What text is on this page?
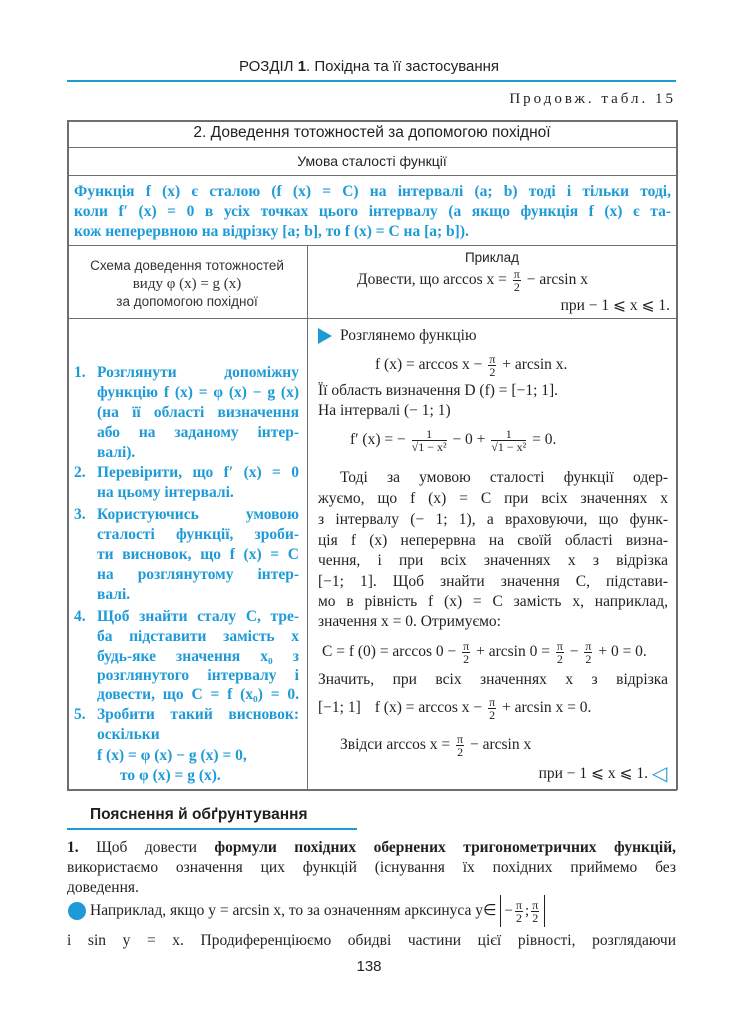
РОЗДІЛ 1. Похідна та її застосування
Продовж. табл. 15
2. Доведення тотожностей за допомогою похідної
Умова сталості функції
Функція f (x) є сталою (f (x) = C) на інтервалі (a; b) тоді і тільки тоді,
коли f′ (x) = 0 в усіх точках цього інтервалу (а якщо функція f (x) є та-
кож неперервною на відрізку [a; b], то f (x) = C на [a; b]).
Схема доведення тотожностей
виду φ (x) = g (x)
за допомогою похідної
Приклад
Довести, що $\arccos x = \frac{\pi}{2} - \arcsin x$
при − 1 ⩽ x ⩽ 1.
1. Розглянути допоміжну
функцію f (x) = φ (x) − g (x)
(на її області визначення
або на заданому інтер-
валі).
2. Перевірити, що f′ (x) = 0
на цьому інтервалі.
3. Користуючись умовою
сталості функції, зроби-
ти висновок, що f (x) = C
на розглянутому інтер-
валі.
4. Щоб знайти сталу C, тре-
ба підставити замість x
будь-яке значення x₀ з
розглянутого інтервалу і
довести, що C = f (x₀) = 0.
5. Зробити такий висновок:
оскільки
f (x) = φ (x) − g (x) = 0,
то φ (x) = g (x).
Розглянемо функцію
f $(x) = \arccos x - \frac{\pi}{2} + \arcsin x$.
Її область визначення D (f) = [−1; 1].
На інтервалі (− 1; 1)
f′ (x) = − $\frac{1}{\text{√1 − x²}} - 0 + \frac{1}{\text{√1 − x²}} = 0$.
Тоді за умовою сталості функції одер-
жуємо, що f (x) = C при всіх значеннях x
з інтервалу (− 1; 1), а враховуючи, що функ-
ція f (x) неперервна на своїй області визна-
чення, і при всіх значеннях x з відрізка
[−1; 1]. Щоб знайти значення C, підстави-
мо в рівність f (x) = C замість x, наприклад,
значення x = 0. Отримуємо:
C = f $(0) = \arccos 0 - \frac{\pi}{2} + \arcsin 0 = \frac{\pi}{2} - \frac{\pi}{2} + 0 = 0$.
Значить, при всіх значеннях x з відрізка
[−1; 1] f $(x) = \arccos x - \frac{\pi}{2} + \arcsin x = 0$.
Звідси $\arccos x = \frac{\pi}{2} - \arcsin x$
при − 1 ⩽ x ⩽ 1. ◁
Пояснення й обґрунтування
1. Щоб довести формули похідних обернених тригонометричних функцій,
використаємо означення цих функцій (існування їх похідних приймемо без
доведення.
Наприклад, якщо y = arcsin x, то за означенням арксинуса y∈ − $\frac{\pi}{2}$ ; $\frac{\pi}{2}$
і sin y = x. Продиференціюємо обидві частини цієї рівності, розглядаючи
138
